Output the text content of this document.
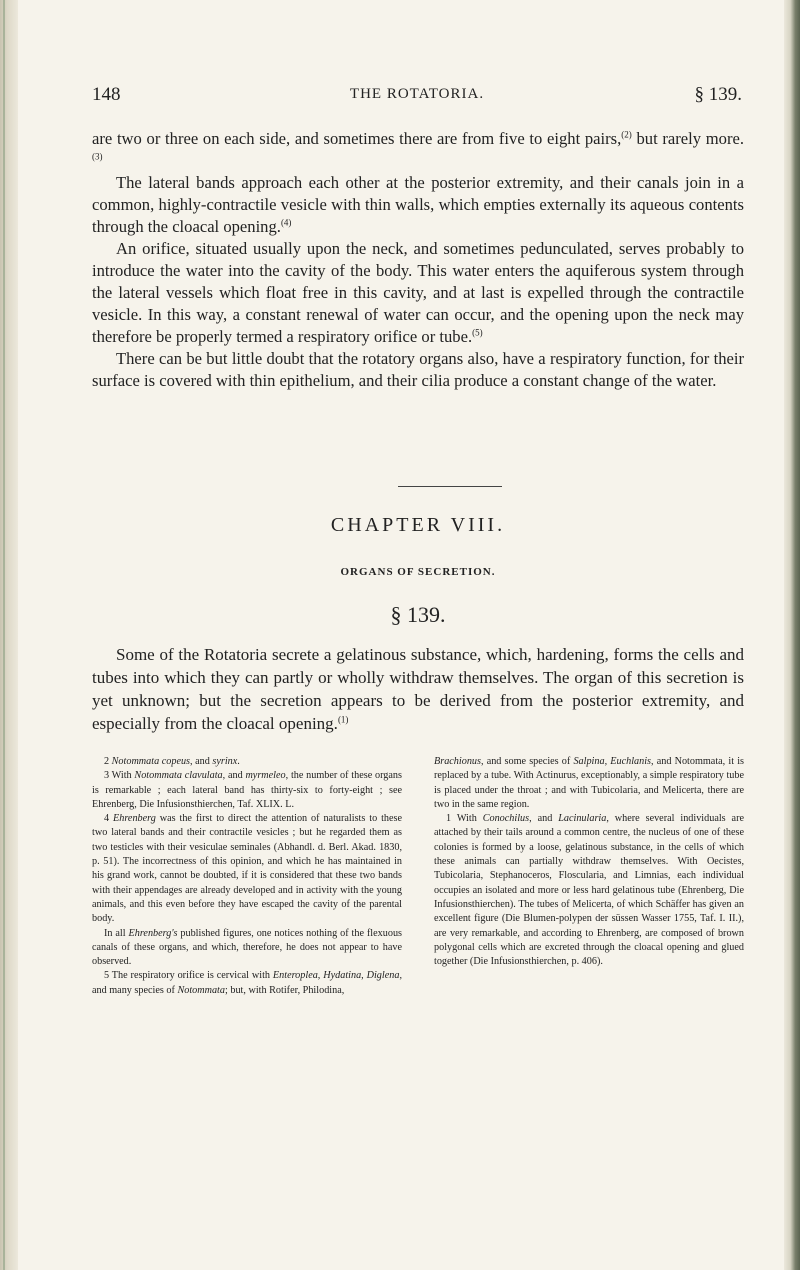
148	THE ROTATORIA.	§ 139.

are two or three on each side, and sometimes there are from five to eight pairs,$^{(2)}$ but rarely more.$^{(3)}$

The lateral bands approach each other at the posterior extremity, and their canals join in a common, highly-contractile vesicle with thin walls, which empties externally its aqueous contents through the cloacal opening.$^{(4)}$

An orifice, situated usually upon the neck, and sometimes pedunculated, serves probably to introduce the water into the cavity of the body. This water enters the aquiferous system through the lateral vessels which float free in this cavity, and at last is expelled through the contractile vesicle. In this way, a constant renewal of water can occur, and the opening upon the neck may therefore be properly termed a respiratory orifice or tube.$^{(5)}$

There can be but little doubt that the rotatory organs also, have a respiratory function, for their surface is covered with thin epithelium, and their cilia produce a constant change of the water.

CHAPTER VIII.
ORGANS OF SECRETION.
§ 139.
Some of the Rotatoria secrete a gelatinous substance, which, hardening, forms the cells and tubes into which they can partly or wholly withdraw themselves. The organ of this secretion is yet unknown; but the secretion appears to be derived from the posterior extremity, and especially from the cloacal opening.$^{(1)}$

2 Notommata copeus, and syrinx.

3 With Notommata clavulata, and myrmeleo, the number of these organs is remarkable ; each lateral band has thirty-six to forty-eight ; see Ehrenberg, Die Infusionsthierchen, Taf. XLIX. L.

4 Ehrenberg was the first to direct the attention of naturalists to these two lateral bands and their contractile vesicles ; but he regarded them as two testicles with their vesiculae seminales (Abhandl. d. Berl. Akad. 1830, p. 51). The incorrectness of this opinion, and which he has maintained in his grand work, cannot be doubted, if it is considered that these two bands with their appendages are already developed and in activity with the young animals, and this even before they have escaped the cavity of the parental body.

In all Ehrenberg's published figures, one notices nothing of the flexuous canals of these organs, and which, therefore, he does not appear to have observed.

5 The respiratory orifice is cervical with Enteroplea, Hydatina, Diglena, and many species of Notommata; but, with Rotifer, Philodina,

Brachionus, and some species of Salpina, Euchlanis, and Notommata, it is replaced by a tube. With Actinurus, exceptionably, a simple respiratory tube is placed under the throat ; and with Tubicolaria, and Melicerta, there are two in the same region.

1 With Conochilus, and Lacinularia, where several individuals are attached by their tails around a common centre, the nucleus of one of these colonies is formed by a loose, gelatinous substance, in the cells of which these animals can partially withdraw themselves. With Oecistes, Tubicolaria, Stephanoceros, Floscularia, and Limnias, each individual occupies an isolated and more or less hard gelatinous tube (Ehrenberg, Die Infusionsthierchen). The tubes of Melicerta, of which Schäffer has given an excellent figure (Die Blumen-polypen der süssen Wasser 1755, Taf. I. II.), are very remarkable, and according to Ehrenberg, are composed of brown polygonal cells which are excreted through the cloacal opening and glued together (Die Infusionsthierchen, p. 406).
